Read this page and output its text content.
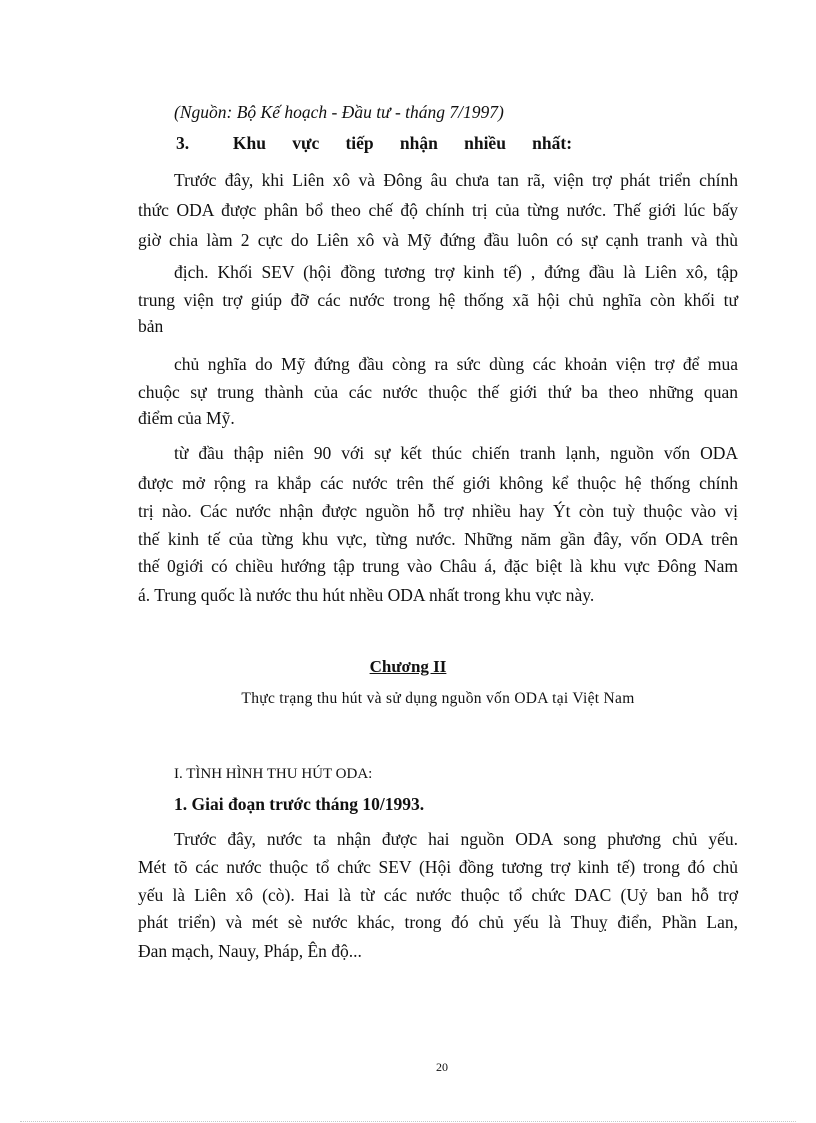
(Nguồn: Bộ Kế hoạch - Đầu tư - tháng 7/1997)
3.          Khu      vực      tiếp      nhận      nhiều      nhất:
Trước đây, khi Liên xô và Đông âu chưa tan rã, viện trợ phát triển chính
thức ODA được phân bổ theo chế độ chính trị của từng nước. Thế giới lúc bấy
giờ chia làm 2 cực do Liên xô và Mỹ đứng đầu luôn có sự cạnh tranh và thù
địch. Khối SEV (hội đồng tương trợ kinh tế) , đứng đầu là Liên xô, tập
trung viện trợ giúp đỡ các nước trong hệ thống xã hội chủ nghĩa còn khối tư
bản
chủ nghĩa do Mỹ đứng đầu còng ra sức dùng các khoản viện trợ để mua
chuộc sự trung thành của các nước thuộc thế giới thứ ba theo những quan
điểm của Mỹ.
từ đầu thập niên 90 với sự kết thúc chiến tranh lạnh, nguồn vốn ODA
được mở rộng ra khắp các nước trên thế giới không kể thuộc hệ thống chính
trị nào. Các nước nhận được nguồn hỗ trợ nhiều hay Ýt còn tuỳ thuộc vào vị
thế kinh tế của từng khu vực, từng nước. Những năm gần đây, vốn ODA trên
thế 0giới có chiều hướng tập trung vào Châu á, đặc biệt là khu vực Đông Nam
á. Trung quốc là nước thu hút nhều ODA nhất trong khu vực này.
Chương II
Thực trạng thu hút và sử dụng nguồn vốn ODA tại Việt Nam
I. TÌNH HÌNH THU HÚT ODA:
1. Giai đoạn trước tháng 10/1993.
Trước đây, nước ta nhận được hai nguồn ODA song phương chủ yếu.
Mét tõ các nước thuộc tổ chức SEV (Hội đồng tương trợ kinh tế) trong đó chủ
yếu là Liên xô (cò). Hai là từ các nước thuộc tổ chức DAC (Uỷ ban hỗ trợ
phát triển) và mét sè nước khác, trong đó chủ yếu là Thuỵ điển, Phần Lan,
Đan mạch, Nauy, Pháp, Ên độ...
20
